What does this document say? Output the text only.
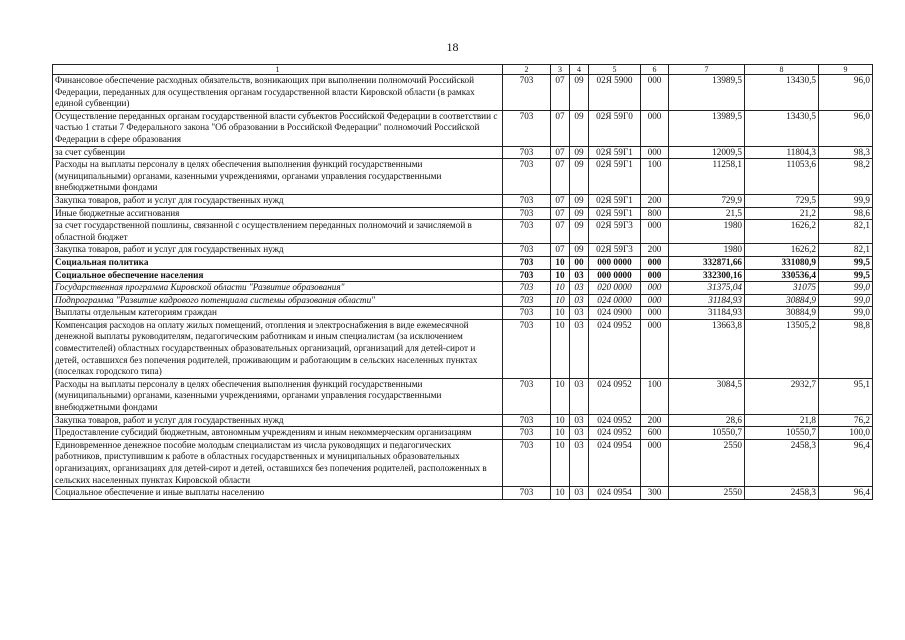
18
1	2	3	4	5	6	7	8	9
Финансовое обеспечение расходных обязательств, возникающих при выполнении полномочий Российской Федерации, переданных для осуществления органам государственной власти Кировской области (в рамках единой субвенции)	703	07	09	02Я 5900	000	13989,5	13430,5	96,0
Осуществление переданных органам государственной власти субъектов Российской Федерации в соответствии с частью 1 статьи 7 Федерального закона "Об образовании в Российской Федерации" полномочий Российской Федерации в сфере образования	703	07	09	02Я 59Г0	000	13989,5	13430,5	96,0
за счет субвенции	703	07	09	02Я 59Г1	000	12009,5	11804,3	98,3
Расходы на выплаты персоналу в целях обеспечения выполнения функций государственными (муниципальными) органами, казенными учреждениями, органами управления государственными внебюджетными фондами	703	07	09	02Я 59Г1	100	11258,1	11053,6	98,2
Закупка товаров, работ и услуг для государственных нужд	703	07	09	02Я 59Г1	200	729,9	729,5	99,9
Иные бюджетные ассигнования	703	07	09	02Я 59Г1	800	21,5	21,2	98,6
за счет государственной пошлины, связанной с осуществлением переданных полномочий и зачисляемой в областной бюджет	703	07	09	02Я 59Г3	000	1980	1626,2	82,1
Закупка товаров, работ и услуг для государственных нужд	703	07	09	02Я 59Г3	200	1980	1626,2	82,1
Социальная политика	703	10	00	000 0000	000	332871,66	331080,9	99,5
Социальное обеспечение населения	703	10	03	000 0000	000	332300,16	330536,4	99,5
Государственная программа Кировской области "Развитие образования"	703	10	03	020 0000	000	31375,04	31075	99,0
Подпрограмма "Развитие кадрового потенциала системы образования области"	703	10	03	024 0000	000	31184,93	30884,9	99,0
Выплаты отдельным категориям граждан	703	10	03	024 0900	000	31184,93	30884,9	99,0
Компенсация расходов на оплату жилых помещений, отопления и электроснабжения в виде ежемесячной денежной выплаты руководителям, педагогическим работникам и иным специалистам (за исключением совместителей) областных государственных образовательных организаций, организаций для детей-сирот и детей, оставшихся без попечения родителей, проживающим и работающим в сельских населенных пунктах (поселках городского типа)	703	10	03	024 0952	000	13663,8	13505,2	98,8
Расходы на выплаты персоналу в целях обеспечения выполнения функций государственными (муниципальными) органами, казенными учреждениями, органами управления государственными внебюджетными фондами	703	10	03	024 0952	100	3084,5	2932,7	95,1
Закупка товаров, работ и услуг для государственных нужд	703	10	03	024 0952	200	28,6	21,8	76,2
Предоставление субсидий бюджетным, автономным учреждениям и иным некоммерческим организациям	703	10	03	024 0952	600	10550,7	10550,7	100,0
Единовременное денежное пособие молодым специалистам из числа руководящих и педагогических работников, приступившим к работе в областных государственных и муниципальных образовательных организациях, организациях для детей-сирот и детей, оставшихся без попечения родителей, расположенных в сельских населенных пунктах Кировской области	703	10	03	024 0954	000	2550	2458,3	96,4
Социальное обеспечение и иные выплаты населению	703	10	03	024 0954	300	2550	2458,3	96,4
